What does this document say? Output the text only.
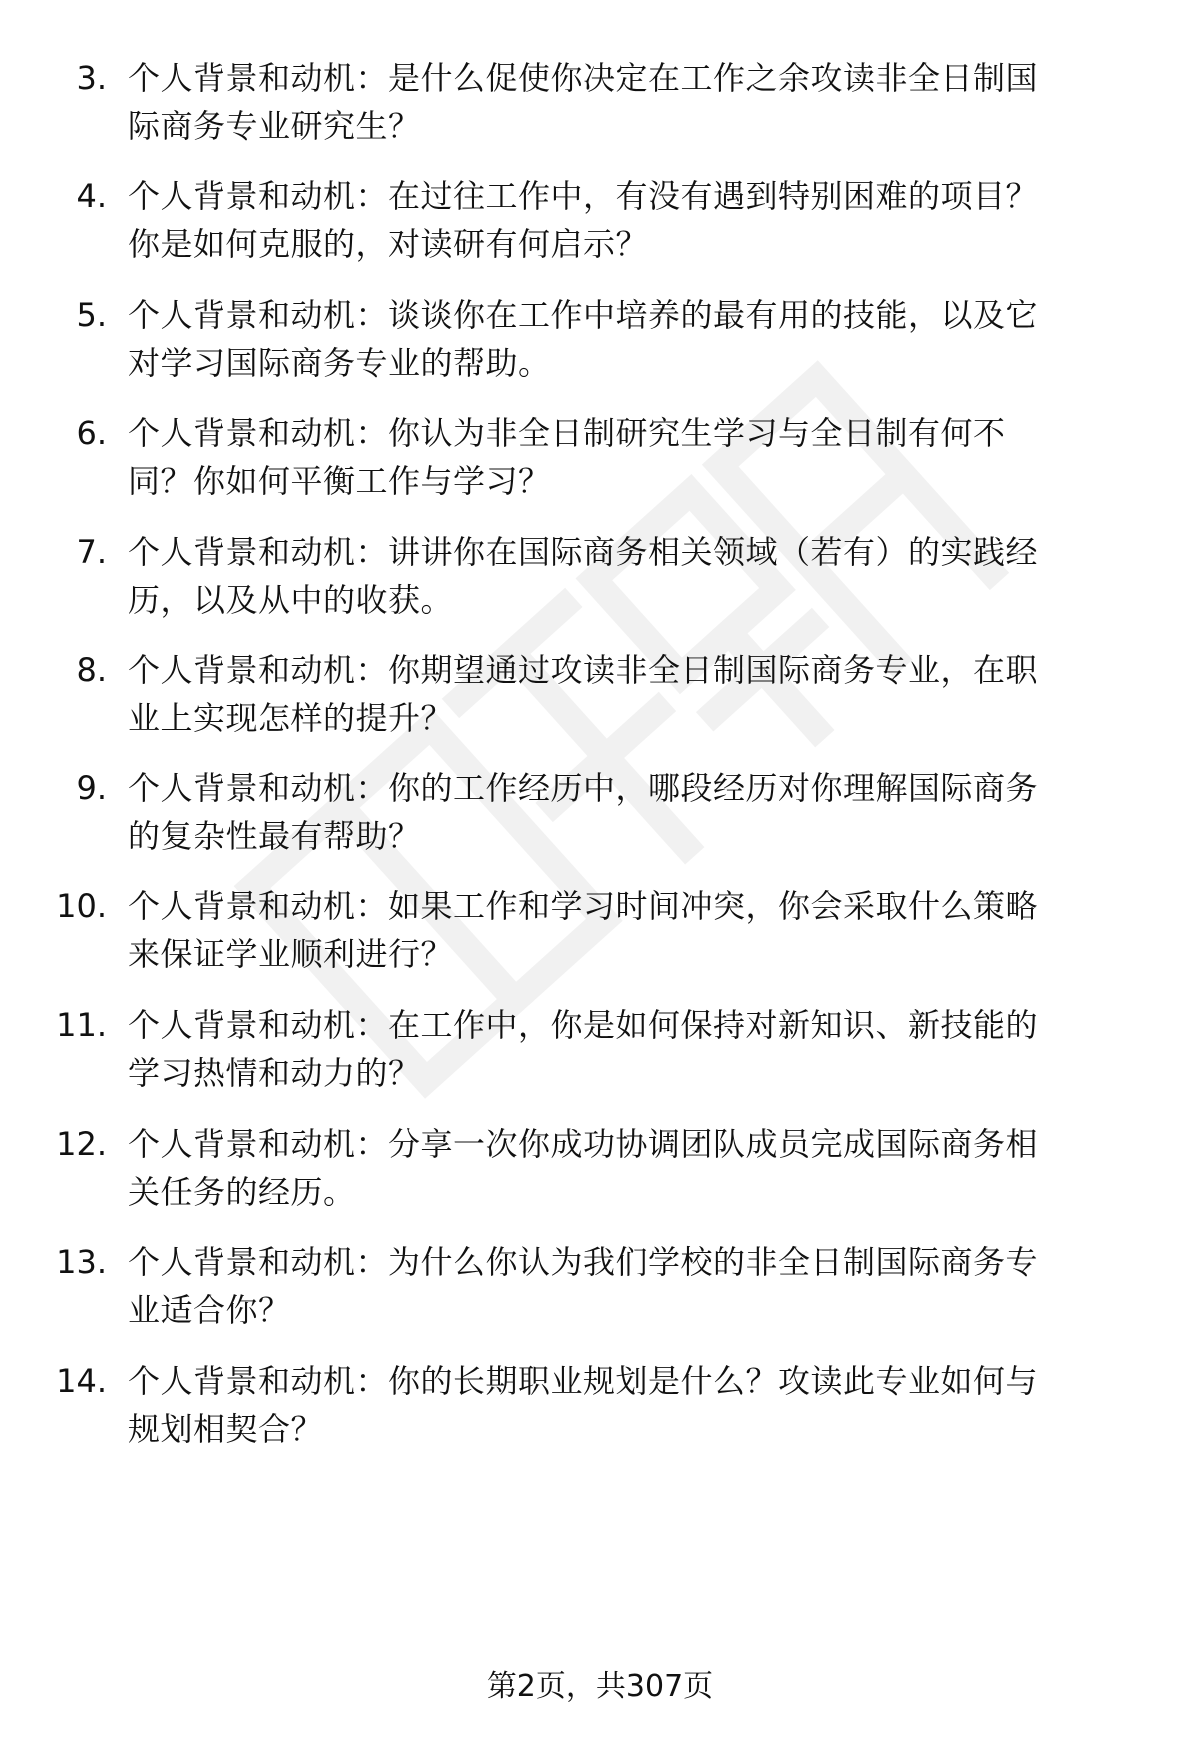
3. 个人背景和动机：是什么促使你决定在工作之余攻读非全日制国
际商务专业研究生？
4. 个人背景和动机：在过往工作中，有没有遇到特别困难的项目？
你是如何克服的，对读研有何启示？
5. 个人背景和动机：谈谈你在工作中培养的最有用的技能，以及它
对学习国际商务专业的帮助。
6. 个人背景和动机：你认为非全日制研究生学习与全日制有何不
同？你如何平衡工作与学习？
7. 个人背景和动机：讲讲你在国际商务相关领域（若有）的实践经
历，以及从中的收获。
8. 个人背景和动机：你期望通过攻读非全日制国际商务专业，在职
业上实现怎样的提升？
9. 个人背景和动机：你的工作经历中，哪段经历对你理解国际商务
的复杂性最有帮助？
10. 个人背景和动机：如果工作和学习时间冲突，你会采取什么策略
来保证学业顺利进行？
11. 个人背景和动机：在工作中，你是如何保持对新知识、新技能的
学习热情和动力的？
12. 个人背景和动机：分享一次你成功协调团队成员完成国际商务相
关任务的经历。
13. 个人背景和动机：为什么你认为我们学校的非全日制国际商务专
业适合你？
14. 个人背景和动机：你的长期职业规划是什么？攻读此专业如何与
规划相契合？
第2页，共307页
